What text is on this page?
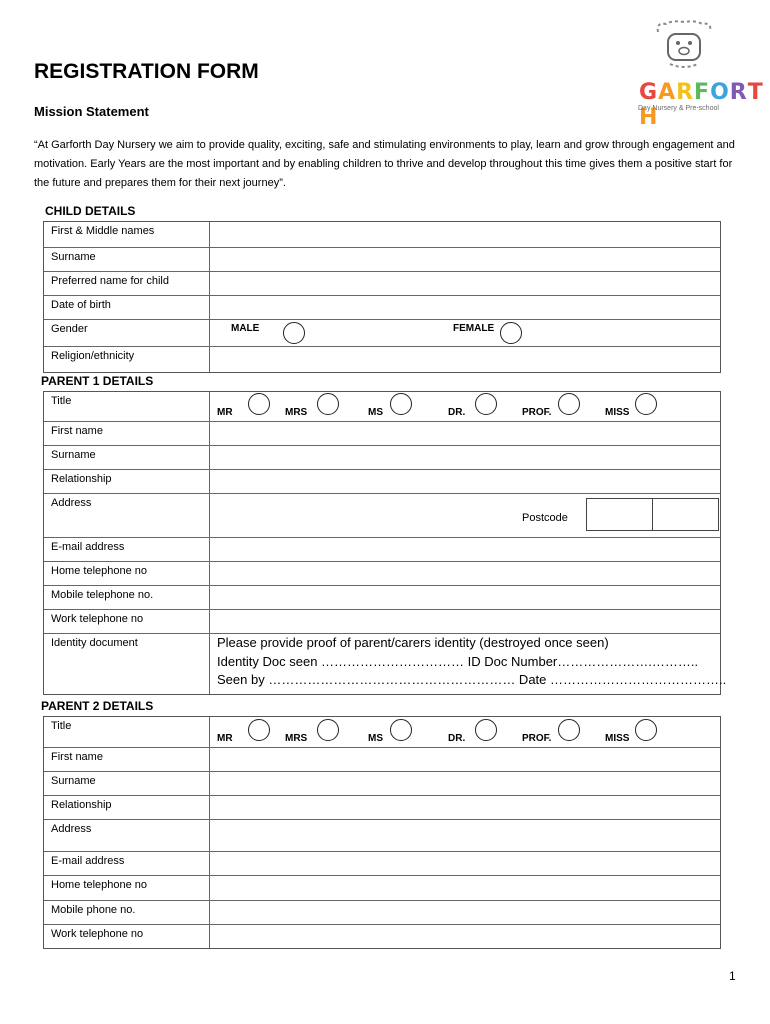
REGISTRATION FORM
Mission Statement
“At Garforth Day Nursery we aim to provide quality, exciting, safe and stimulating environments to play, learn and grow through engagement and motivation. Early Years are the most important and by enabling children to thrive and develop throughout this time gives them a positive start for the future and prepares them for their next journey”.
GARFORTH
Day Nursery & Pre-school
CHILD DETAILS
First & Middle names
Surname
Preferred name for child
Date of birth
Gender	MALE	FEMALE
Religion/ethnicity
PARENT 1 DETAILS
Title
MR	MRS	MS	DR.	PROF.	MISS
First name
Surname
Relationship
Address
Postcode
E-mail address
Home telephone no
Mobile telephone no.
Work telephone no
Identity document	Please provide proof of parent/carers identity (destroyed once seen)
Identity Doc seen …………………………… ID Doc Number………………….………..
Seen by ………………………………………………… Date …………………………………..
PARENT 2 DETAILS
Title
MR	MRS	MS	DR.	PROF.	MISS
First name
Surname
Relationship
Address
E-mail address
Home telephone no
Mobile phone no.
Work telephone no
1
